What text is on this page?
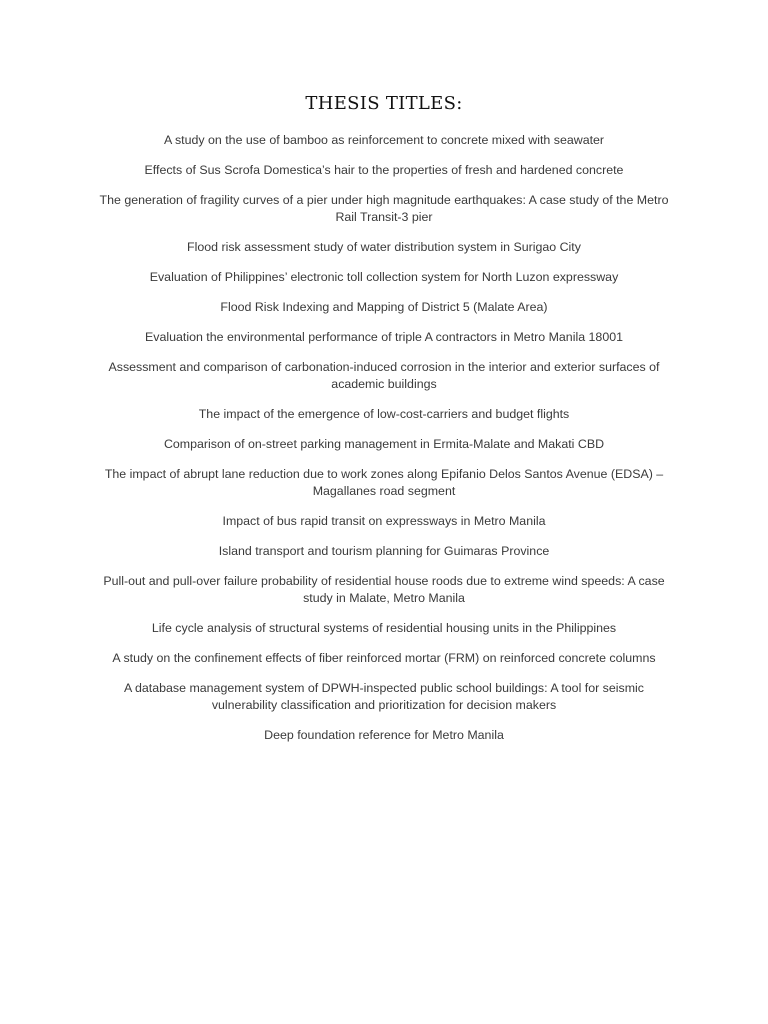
THESIS TITLES:
A study on the use of bamboo as reinforcement to concrete mixed with seawater
Effects of Sus Scrofa Domestica’s hair to the properties of fresh and hardened concrete
The generation of fragility curves of a pier under high magnitude earthquakes: A case study of the Metro Rail Transit-3 pier
Flood risk assessment study of water distribution system in Surigao City
Evaluation of Philippines’ electronic toll collection system for North Luzon expressway
Flood Risk Indexing and Mapping of District 5 (Malate Area)
Evaluation the environmental performance of triple A contractors in Metro Manila 18001
Assessment and comparison of carbonation-induced corrosion in the interior and exterior surfaces of academic buildings
The impact of the emergence of low-cost-carriers and budget flights
Comparison of on-street parking management in Ermita-Malate and Makati CBD
The impact of abrupt lane reduction due to work zones along Epifanio Delos Santos Avenue (EDSA) – Magallanes road segment
Impact of bus rapid transit on expressways in Metro Manila
Island transport and tourism planning for Guimaras Province
Pull-out and pull-over failure probability of residential house roods due to extreme wind speeds: A case study in Malate, Metro Manila
Life cycle analysis of structural systems of residential housing units in the Philippines
A study on the confinement effects of fiber reinforced mortar (FRM) on reinforced concrete columns
A database management system of DPWH-inspected public school buildings: A tool for seismic vulnerability classification and prioritization for decision makers
Deep foundation reference for Metro Manila
